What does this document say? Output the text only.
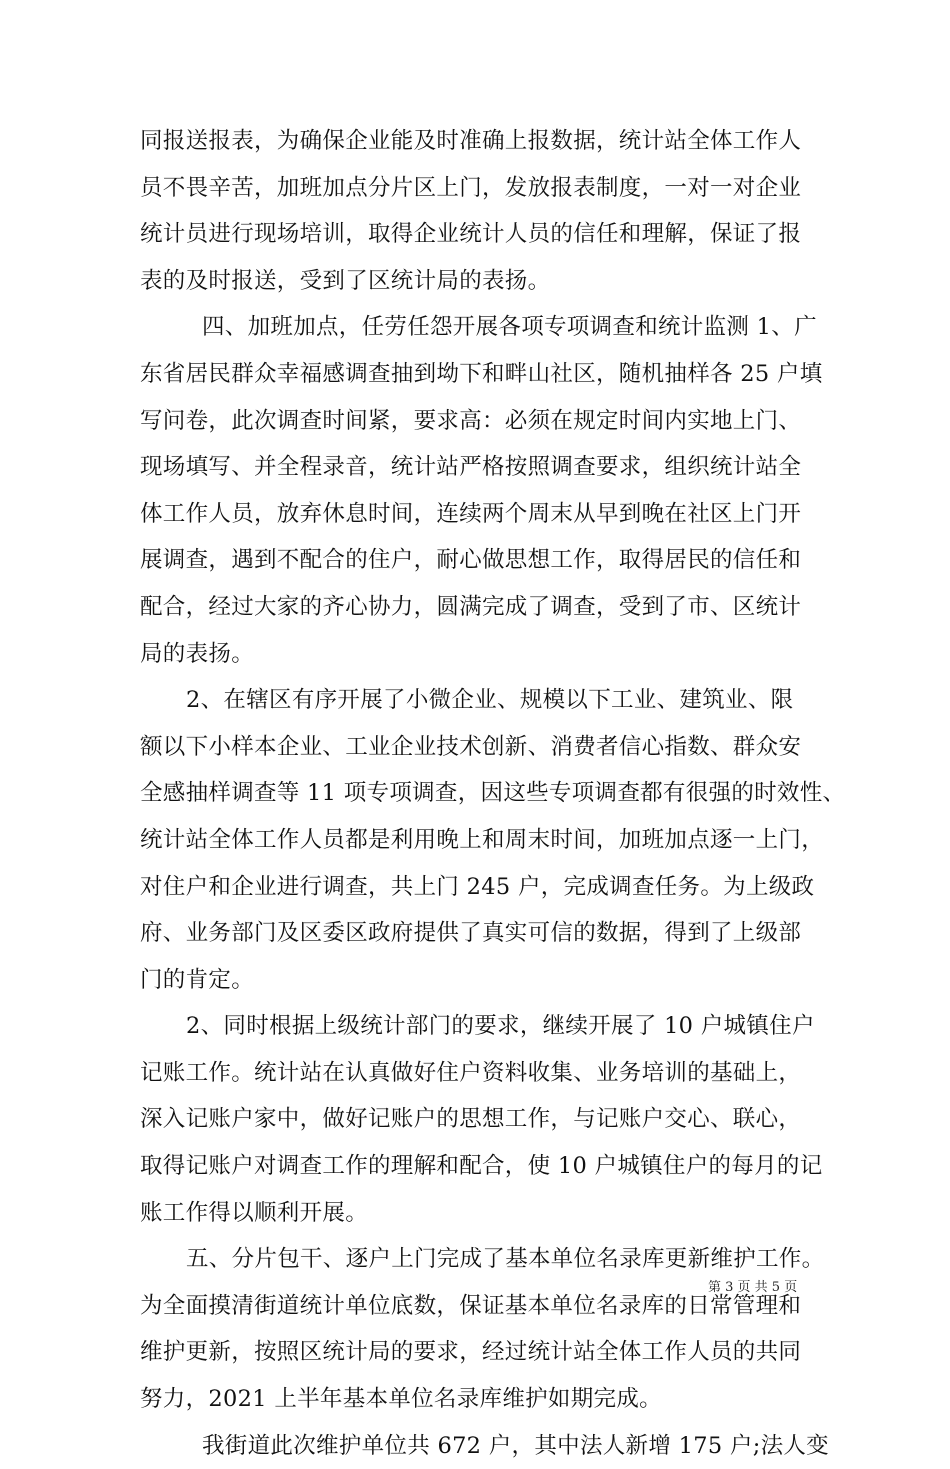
同报送报表，为确保企业能及时准确上报数据，统计站全体工作人
员不畏辛苦，加班加点分片区上门，发放报表制度，一对一对企业
统计员进行现场培训，取得企业统计人员的信任和理解，保证了报
表的及时报送，受到了区统计局的表扬。
四、加班加点，任劳任怨开展各项专项调查和统计监测 1、广
东省居民群众幸福感调查抽到坳下和畔山社区，随机抽样各 25 户填
写问卷，此次调查时间紧，要求高：必须在规定时间内实地上门、
现场填写、并全程录音，统计站严格按照调查要求，组织统计站全
体工作人员，放弃休息时间，连续两个周末从早到晚在社区上门开
展调查，遇到不配合的住户，耐心做思想工作，取得居民的信任和
配合，经过大家的齐心协力，圆满完成了调查，受到了市、区统计
局的表扬。
2、在辖区有序开展了小微企业、规模以下工业、建筑业、限
额以下小样本企业、工业企业技术创新、消费者信心指数、群众安
全感抽样调查等 11 项专项调查，因这些专项调查都有很强的时效性、
统计站全体工作人员都是利用晚上和周末时间，加班加点逐一上门，
对住户和企业进行调查，共上门 245 户，完成调查任务。为上级政
府、业务部门及区委区政府提供了真实可信的数据，得到了上级部
门的肯定。
2、同时根据上级统计部门的要求，继续开展了 10 户城镇住户
记账工作。统计站在认真做好住户资料收集、业务培训的基础上，
深入记账户家中，做好记账户的思想工作，与记账户交心、联心，
取得记账户对调查工作的理解和配合，使 10 户城镇住户的每月的记
账工作得以顺利开展。
五、分片包干、逐户上门完成了基本单位名录库更新维护工作。
为全面摸清街道统计单位底数，保证基本单位名录库的日常管理和
维护更新，按照区统计局的要求，经过统计站全体工作人员的共同
努力，2021 上半年基本单位名录库维护如期完成。
我街道此次维护单位共 672 户，其中法人新增 175 户;法人变
第 3 页 共 5 页
